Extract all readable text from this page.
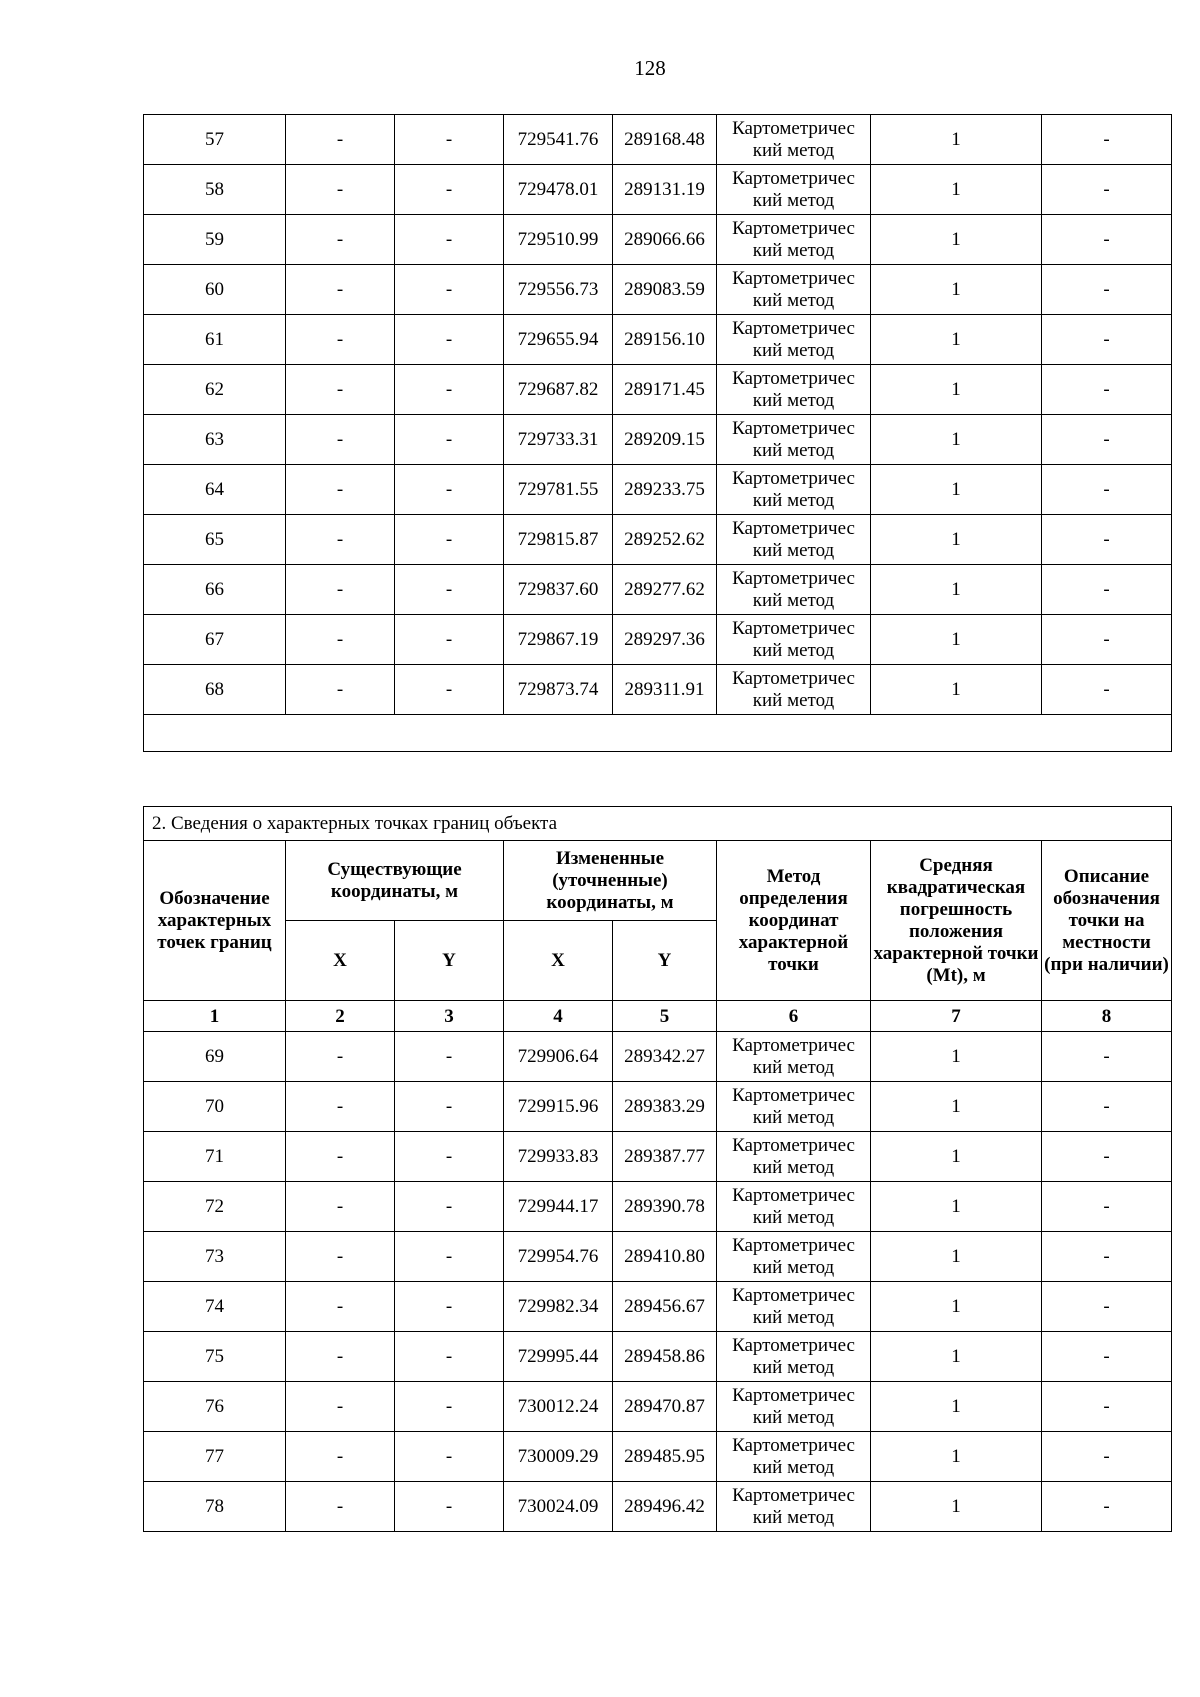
128
57	-	-	729541.76	289168.48	Картометричес
кий метод	1	-
58	-	-	729478.01	289131.19	Картометричес
кий метод	1	-
59	-	-	729510.99	289066.66	Картометричес
кий метод	1	-
60	-	-	729556.73	289083.59	Картометричес
кий метод	1	-
61	-	-	729655.94	289156.10	Картометричес
кий метод	1	-
62	-	-	729687.82	289171.45	Картометричес
кий метод	1	-
63	-	-	729733.31	289209.15	Картометричес
кий метод	1	-
64	-	-	729781.55	289233.75	Картометричес
кий метод	1	-
65	-	-	729815.87	289252.62	Картометричес
кий метод	1	-
66	-	-	729837.60	289277.62	Картометричес
кий метод	1	-
67	-	-	729867.19	289297.36	Картометричес
кий метод	1	-
68	-	-	729873.74	289311.91	Картометричес
кий метод	1	-

2. Сведения о характерных точках границ объекта							
Обозначение характерных точек границ	Существующие координаты, м		Измененные (уточненные) координаты, м		Метод определения координат характерной точки	Средняя квадратическая погрешность положения характерной точки (Mt), м	Описание обозначения точки на местности (при наличии)
	X	Y	X	Y			
1	2	3	4	5	6	7	8
69	-	-	729906.64	289342.27	Картометричес
кий метод	1	-
70	-	-	729915.96	289383.29	Картометричес
кий метод	1	-
71	-	-	729933.83	289387.77	Картометричес
кий метод	1	-
72	-	-	729944.17	289390.78	Картометричес
кий метод	1	-
73	-	-	729954.76	289410.80	Картометричес
кий метод	1	-
74	-	-	729982.34	289456.67	Картометричес
кий метод	1	-
75	-	-	729995.44	289458.86	Картометричес
кий метод	1	-
76	-	-	730012.24	289470.87	Картометричес
кий метод	1	-
77	-	-	730009.29	289485.95	Картометричес
кий метод	1	-
78	-	-	730024.09	289496.42	Картометричес
кий метод	1	-
